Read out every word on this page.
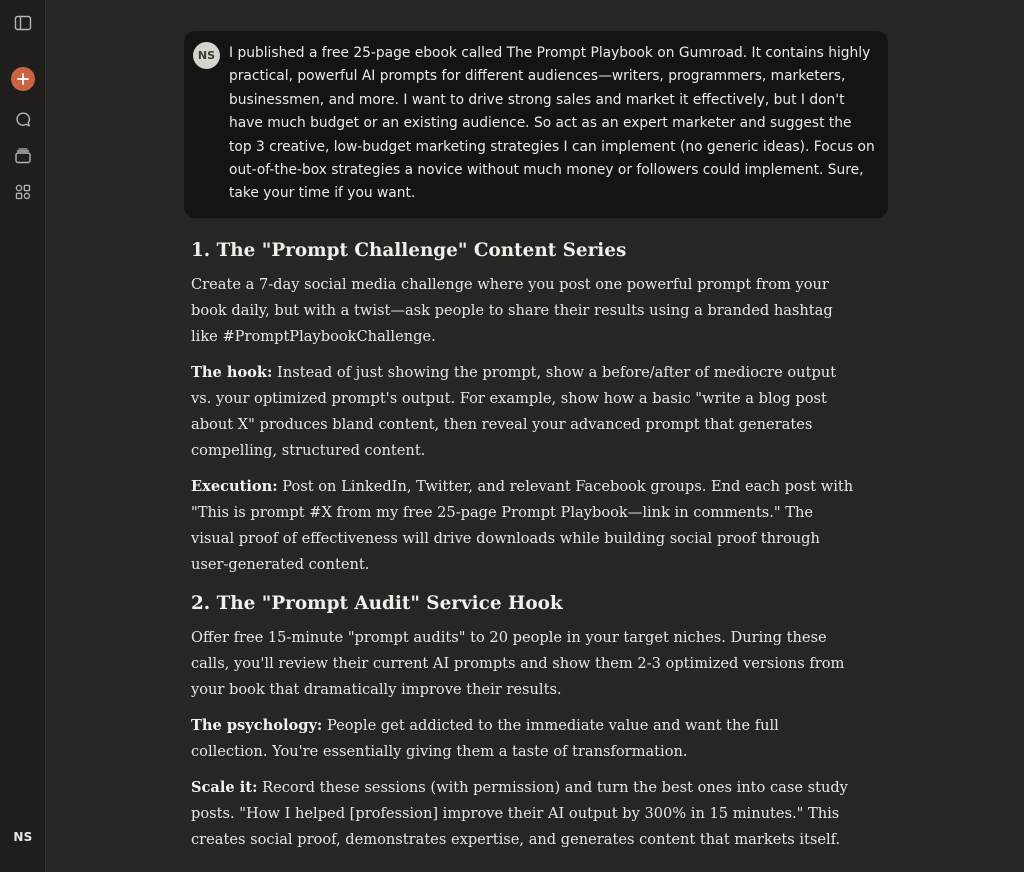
NS
NS	I published a free 25-page ebook called The Prompt Playbook on Gumroad. It contains highly practical, powerful AI prompts for different audiences—writers, programmers, marketers, businessmen, and more. I want to drive strong sales and market it effectively, but I don't have much budget or an existing audience. So act as an expert marketer and suggest the top 3 creative, low-budget marketing strategies I can implement (no generic ideas). Focus on out-of-the-box strategies a novice without much money or followers could implement. Sure, take your time if you want.

1. The "Prompt Challenge" Content Series

Create a 7-day social media challenge where you post one powerful prompt from your book daily, but with a twist—ask people to share their results using a branded hashtag like #PromptPlaybookChallenge.

The hook: Instead of just showing the prompt, show a before/after of mediocre output vs. your optimized prompt's output. For example, show how a basic "write a blog post about X" produces bland content, then reveal your advanced prompt that generates compelling, structured content.

Execution: Post on LinkedIn, Twitter, and relevant Facebook groups. End each post with "This is prompt #X from my free 25-page Prompt Playbook—link in comments." The visual proof of effectiveness will drive downloads while building social proof through user-generated content.

2. The "Prompt Audit" Service Hook

Offer free 15-minute "prompt audits" to 20 people in your target niches. During these calls, you'll review their current AI prompts and show them 2-3 optimized versions from your book that dramatically improve their results.

The psychology: People get addicted to the immediate value and want the full collection. You're essentially giving them a taste of transformation.

Scale it: Record these sessions (with permission) and turn the best ones into case study posts. "How I helped [profession] improve their AI output by 300% in 15 minutes." This creates social proof, demonstrates expertise, and generates content that markets itself.
